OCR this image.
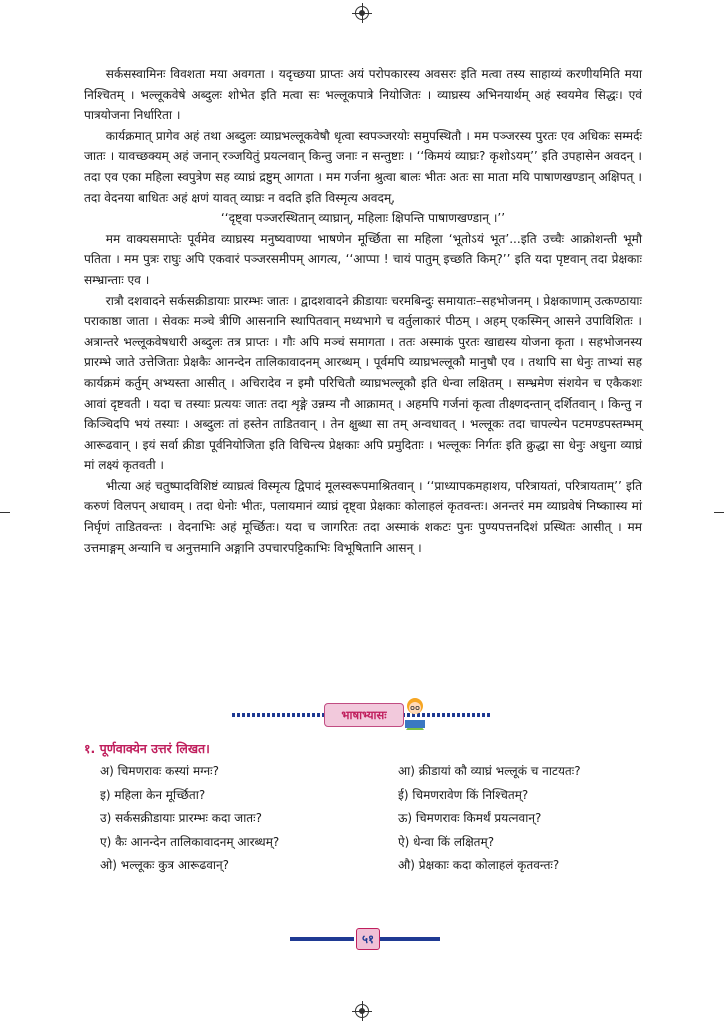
सर्कसस्वामिनः विवशता मया अवगता । यदृच्छया प्राप्तः अयं परोपकारस्य अवसरः इति मत्वा तस्य साहाय्यं करणीयमिति मया निश्चितम् । भल्लूकवेषे अब्दुलः शोभेत इति मत्वा सः भल्लूकपात्रे नियोजितः । व्याघ्रस्य अभिनयार्थम् अहं स्वयमेव सिद्धः। एवं पात्रयोजना निर्धारिता ।

कार्यक्रमात् प्रागेव अहं तथा अब्दुलः व्याघ्रभल्लूकवेषौ धृत्वा स्वपञ्जरयोः समुपस्थितौ । मम पञ्जरस्य पुरतः एव अधिकः सम्मर्दः जातः । यावच्छक्यम् अहं जनान् रञ्जयितुं प्रयत्नवान् किन्तु जनाः न सन्तुष्टाः । ‘‘किमयं व्याघ्रः? कृशोऽयम्’’ इति उपहासेन अवदन् । तदा एव एका महिला स्वपुत्रेण सह व्याघ्रं द्रष्टुम् आगता । मम गर्जना श्रुत्वा बालः भीतः अतः सा माता मयि पाषाणखण्डान् अक्षिपत् । तदा वेदनया बाधितः अहं क्षणं यावत् व्याघ्रः न वदति इति विस्मृत्य अवदम्,

‘‘दृष्ट्वा पञ्जरस्थितान् व्याघ्रान्, महिलाः क्षिपन्ति पाषाणखण्डान् ।’’

मम वाक्यसमाप्तेः पूर्वमेव व्याघ्रस्य मनुष्यवाण्या भाषणेन मूर्च्छिता सा महिला ‘भूतोऽयं भूत’...इति उच्चैः आक्रोशन्ती भूमौ पतिता । मम पुत्रः राघुः अपि एकवारं पञ्जरसमीपम् आगत्य, ‘‘आप्पा ! चायं पातुम् इच्छति किम्?’’ इति यदा पृष्टवान् तदा प्रेक्षकाः सम्भ्रान्ताः एव ।

रात्रौ दशवादने सर्कसक्रीडायाः प्रारम्भः जातः । द्वादशवादने क्रीडायाः चरमबिन्दुः समायातः–सहभोजनम् । प्रेक्षकाणाम् उत्कण्ठायाः पराकाष्ठा जाता । सेवकः मञ्चे त्रीणि आसनानि स्थापितवान् मध्यभागे च वर्तुलाकारं पीठम् । अहम् एकस्मिन् आसने उपाविशितः । अत्रान्तरे भल्लूकवेषधारी अब्दुलः तत्र प्राप्तः । गौः अपि मञ्चं समागता । ततः अस्माकं पुरतः खाद्यस्य योजना कृता । सहभोजनस्य प्रारम्भे जाते उत्तेजिताः प्रेक्षकैः आनन्देन तालिकावादनम् आरब्धम् । पूर्वमपि व्याघ्रभल्लूकौ मानुषौ एव । तथापि सा धेनुः ताभ्यां सह कार्यक्रमं कर्तुम् अभ्यस्ता आसीत् । अचिरादेव न इमौ परिचितौ व्याघ्रभल्लूकौ इति धेन्वा लक्षितम् । सम्भ्रमेण संशयेन च एकैकशः आवां दृष्टवती । यदा च तस्याः प्रत्ययः जातः तदा शृङ्गे उन्नम्य नौ आक्रामत् । अहमपि गर्जनां कृत्वा तीक्ष्णदन्तान् दर्शितवान् । किन्तु न किञ्चिदपि भयं तस्याः । अब्दुलः तां हस्तेन ताडितवान् । तेन क्षुब्धा सा तम् अन्वधावत् । भल्लूकः तदा चापल्येन पटमण्डपस्तम्भम् आरूढवान् । इयं सर्वा क्रीडा पूर्वनियोजिता इति विचिन्त्य प्रेक्षकाः अपि प्रमुदिताः । भल्लूकः निर्गतः इति क्रुद्धा सा धेनुः अधुना व्याघ्रं मां लक्ष्यं कृतवती ।

भीत्या अहं चतुष्पादविशिष्टं व्याघ्रत्वं विस्मृत्य द्विपादं मूलस्वरूपमाश्रितवान् । ‘‘प्राध्यापकमहाशय, परित्रायतां, परित्रायताम्’’ इति करुणं विलपन् अधावम् । तदा धेनोः भीतः, पलायमानं व्याघ्रं दृष्ट्वा प्रेक्षकाः कोलाहलं कृतवन्तः। अनन्तरं मम व्याघ्रवेषं निष्काास्य मां निर्घृणं ताडितवन्तः । वेदनाभिः अहं मूर्च्छितः। यदा च जागरितः तदा अस्माकं शकटः पुनः पुण्यपत्तनदिशं प्रस्थितः आसीत् । मम उत्तमाङ्गम् अन्यानि च अनुत्तमानि अङ्गानि उपचारपट्टिकाभिः विभूषितानि आसन् ।

भाषाभ्यासः
१. पूर्णवाक्येन उत्तरं लिखत।
अ) चिमणरावः कस्यां मग्नः?	आ) क्रीडायां कौ व्याघ्रं भल्लूकं च नाटयतः?
इ) महिला केन मूर्च्छिता?	ई) चिमणरावेण किं निश्चितम्?
उ) सर्कसक्रीडायाः प्रारम्भः कदा जातः?	ऊ) चिमणरावः किमर्थं प्रयत्नवान्?
ए) कैः आनन्देन तालिकावादनम् आरब्धम्?	ऐ) धेन्वा किं लक्षितम्?
ओ) भल्लूकः कुत्र आरूढवान्?	औ) प्रेक्षकाः कदा कोलाहलं कृतवन्तः?
५१
